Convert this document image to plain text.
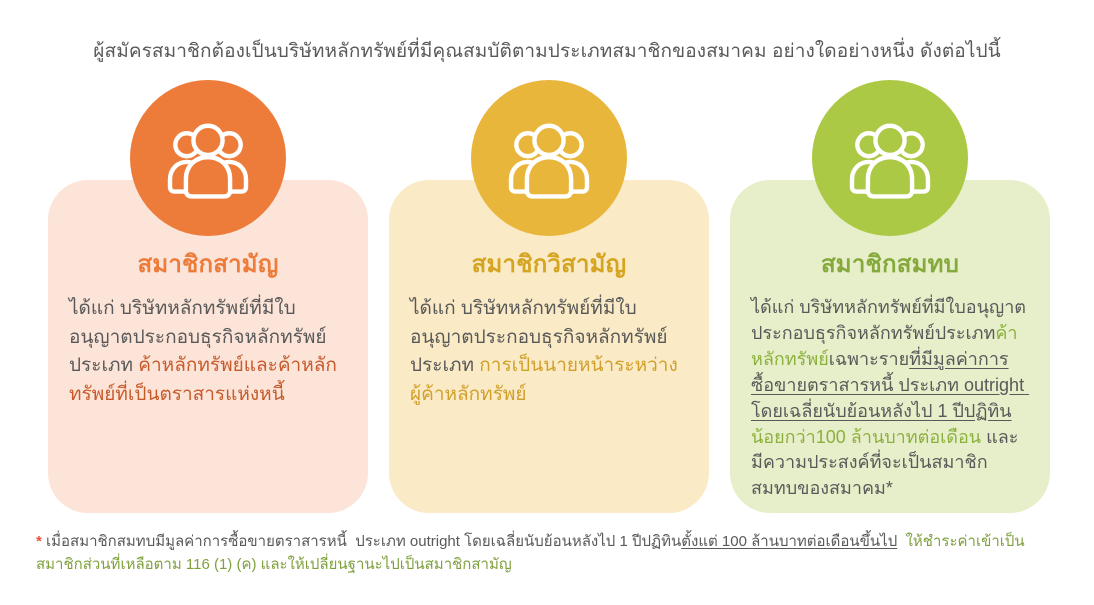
ผู้สมัครสมาชิกต้องเป็นบริษัทหลักทรัพย์ที่มีคุณสมบัติตามประเภทสมาชิกของสมาคม อย่างใดอย่างหนึ่ง ดังต่อไปนี้
สมาชิกสามัญ
ได้แก่ บริษัทหลักทรัพย์ที่มีใบอนุญาตประกอบธุรกิจหลักทรัพย์ประเภท ค้าหลักทรัพย์และค้าหลักทรัพย์ที่เป็นตราสารแห่งหนี้
สมาชิกวิสามัญ
ได้แก่ บริษัทหลักทรัพย์ที่มีใบอนุญาตประกอบธุรกิจหลักทรัพย์ประเภท การเป็นนายหน้าระหว่างผู้ค้าหลักทรัพย์
สมาชิกสมทบ
ได้แก่ บริษัทหลักทรัพย์ที่มีใบอนุญาตประกอบธุรกิจหลักทรัพย์ประเภทค้าหลักทรัพย์เฉพาะรายที่มีมูลค่าการซื้อขายตราสารหนี้ ประเภท outright โดยเฉลี่ยนับย้อนหลังไป 1 ปีปฏิทินน้อยกว่า100 ล้านบาทต่อเดือน และมีความประสงค์ที่จะเป็นสมาชิกสมทบของสมาคม*
* เมื่อสมาชิกสมทบมีมูลค่าการซื้อขายตราสารหนี้  ประเภท outright โดยเฉลี่ยนับย้อนหลังไป 1 ปีปฏิทินตั้งแต่ 100 ล้านบาทต่อเดือนขึ้นไป  ให้ชำระค่าเข้าเป็นสมาชิกส่วนที่เหลือตาม 116 (1) (ค) และให้เปลี่ยนฐานะไปเป็นสมาชิกสามัญ
